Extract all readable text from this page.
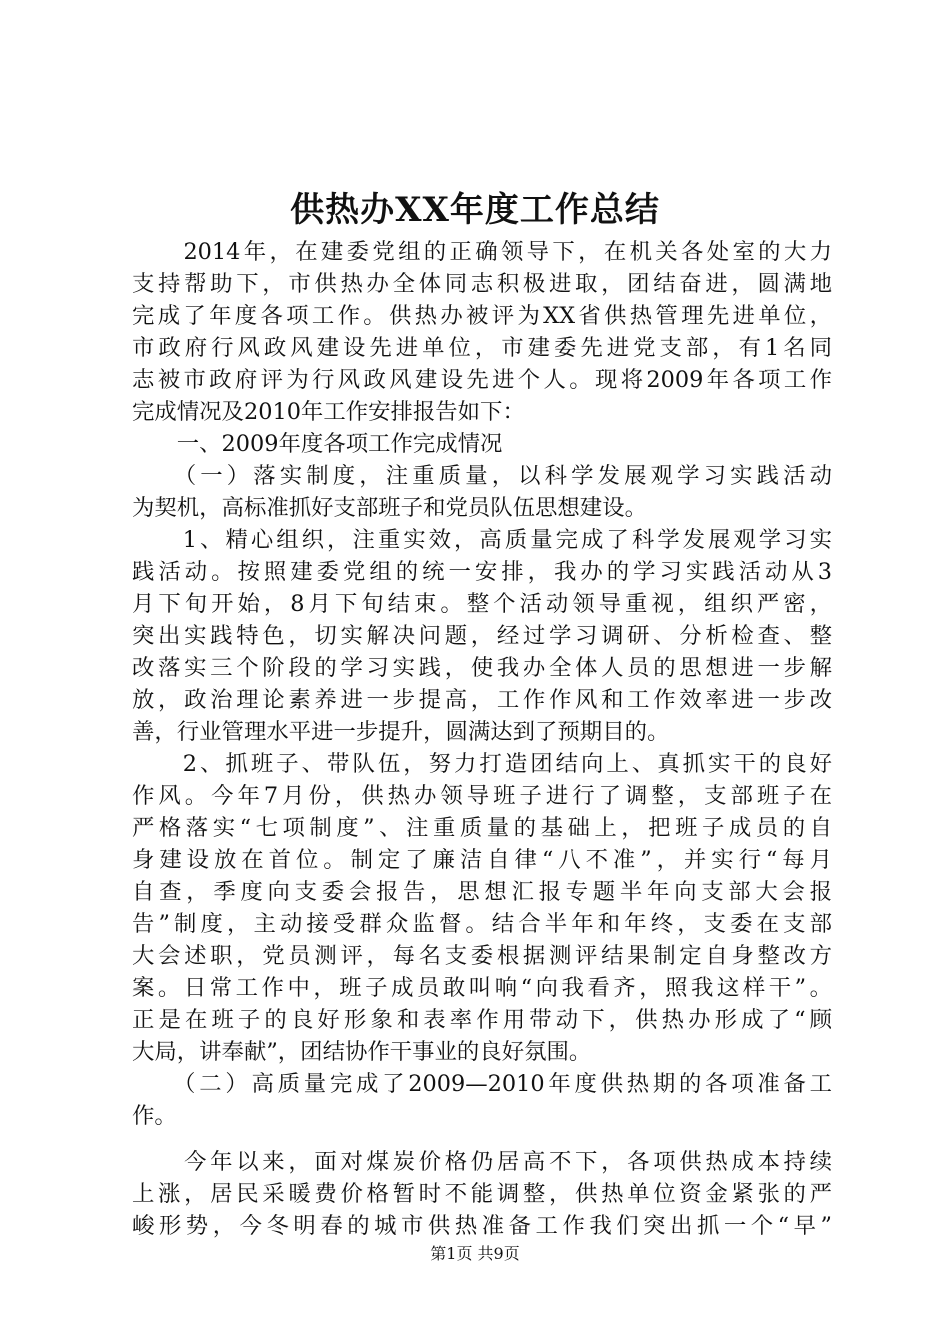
供热办XX年度工作总结
　　2014年，在建委党组的正确领导下，在机关各处室的大力
支持帮助下，市供热办全体同志积极进取，团结奋进，圆满地
完成了年度各项工作。供热办被评为XX省供热管理先进单位，
市政府行风政风建设先进单位，市建委先进党支部，有1名同
志被市政府评为行风政风建设先进个人。现将2009年各项工作
完成情况及2010年工作安排报告如下：
　　一、2009年度各项工作完成情况
　　（一）落实制度，注重质量，以科学发展观学习实践活动
为契机，高标准抓好支部班子和党员队伍思想建设。
　　1、精心组织，注重实效，高质量完成了科学发展观学习实
践活动。按照建委党组的统一安排，我办的学习实践活动从3
月下旬开始，8月下旬结束。整个活动领导重视，组织严密，
突出实践特色，切实解决问题，经过学习调研、分析检查、整
改落实三个阶段的学习实践，使我办全体人员的思想进一步解
放，政治理论素养进一步提高，工作作风和工作效率进一步改
善，行业管理水平进一步提升，圆满达到了预期目的。
　　2、抓班子、带队伍，努力打造团结向上、真抓实干的良好
作风。今年7月份，供热办领导班子进行了调整，支部班子在
严格落实“七项制度”、注重质量的基础上，把班子成员的自
身建设放在首位。制定了廉洁自律“八不准”，并实行“每月
自查，季度向支委会报告，思想汇报专题半年向支部大会报
告”制度，主动接受群众监督。结合半年和年终，支委在支部
大会述职，党员测评，每名支委根据测评结果制定自身整改方
案。日常工作中，班子成员敢叫响“向我看齐，照我这样干”。
正是在班子的良好形象和表率作用带动下，供热办形成了“顾
大局，讲奉献”，团结协作干事业的良好氛围。
　　（二）高质量完成了2009—2010年度供热期的各项准备工
作。
　　今年以来，面对煤炭价格仍居高不下，各项供热成本持续
上涨，居民采暖费价格暂时不能调整，供热单位资金紧张的严
峻形势，今冬明春的城市供热准备工作我们突出抓一个“早”
第1页 共9页
